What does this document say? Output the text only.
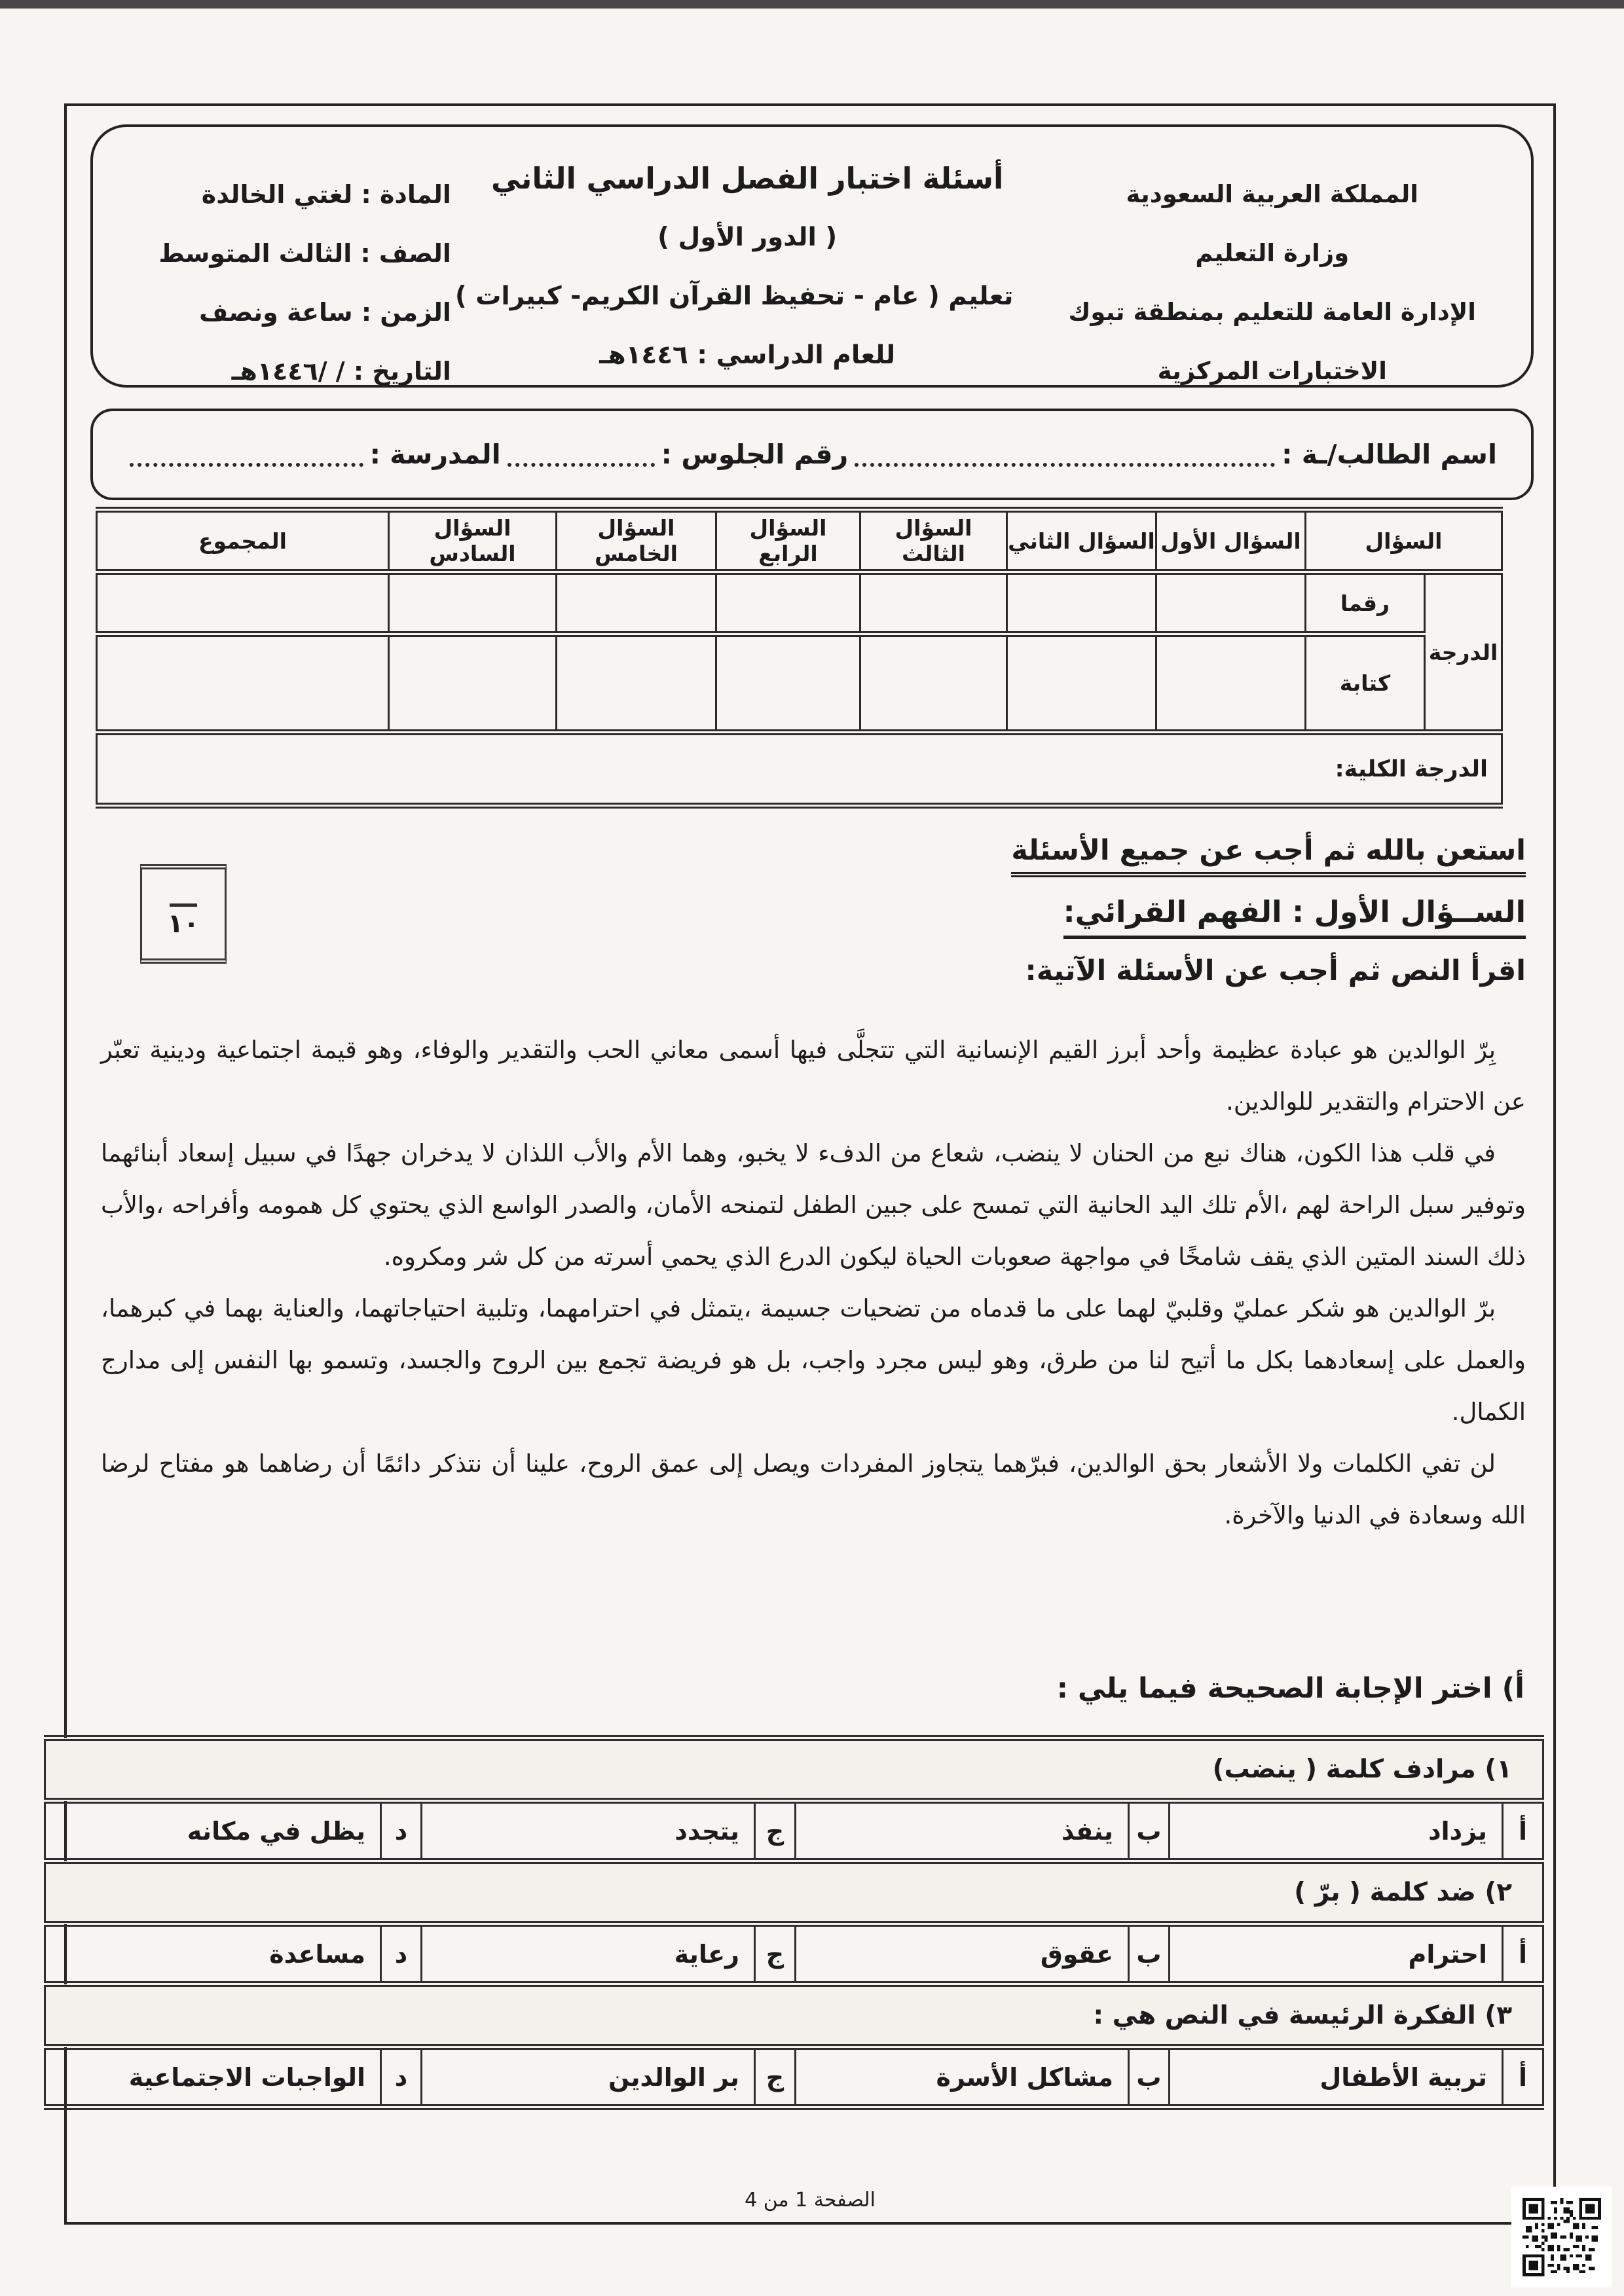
المملكة العربية السعودية
وزارة التعليم
الإدارة العامة للتعليم بمنطقة تبوك
الاختبارات المركزية
أسئلة اختبار الفصل الدراسي الثاني
( الدور الأول )
تعليم ( عام - تحفيظ القرآن الكريم- كبيرات )
للعام الدراسي : ١٤٤٦هـ
المادة : لغتي الخالدة
الصف : الثالث المتوسط
الزمن : ساعة ونصف
التاريخ : / /١٤٤٦هـ
اسم الطالب/ـة :
رقم الجلوس :
المدرسة :
السؤال		السؤال الأول	السؤال الثاني	السؤال الثالث	السؤال الرابع	السؤال الخامس	السؤال السادس	المجموع
الدرجة	رقما							
	كتابة							
الدرجة الكلية:								
استعن بالله ثم أجب عن جميع الأسئلة
١٠	الســؤال الأول : الفهم القرائي:
اقرأ النص ثم أجب عن الأسئلة الآتية:

بِرّ الوالدين هو عبادة عظيمة وأحد أبرز القيم الإنسانية التي تتجلَّى فيها أسمى معاني الحب والتقدير والوفاء، وهو قيمة اجتماعية ودينية تعبّر عن الاحترام والتقدير للوالدين.

في قلب هذا الكون، هناك نبع من الحنان لا ينضب، شعاع من الدفء لا يخبو، وهما الأم والأب اللذان لا يدخران جهدًا في سبيل إسعاد أبنائهما وتوفير سبل الراحة لهم ،الأم تلك اليد الحانية التي تمسح على جبين الطفل لتمنحه الأمان، والصدر الواسع الذي يحتوي كل همومه وأفراحه ،والأب ذلك السند المتين الذي يقف شامخًا في مواجهة صعوبات الحياة ليكون الدرع الذي يحمي أسرته من كل شر ومكروه.

برّ الوالدين هو شكر عمليّ وقلبيّ لهما على ما قدماه من تضحيات جسيمة ،يتمثل في احترامهما، وتلبية احتياجاتهما، والعناية بهما في كبرهما، والعمل على إسعادهما بكل ما أتيح لنا من طرق، وهو ليس مجرد واجب، بل هو فريضة تجمع بين الروح والجسد، وتسمو بها النفس إلى مدارج الكمال.

لن تفي الكلمات ولا الأشعار بحق الوالدين، فبرّهما يتجاوز المفردات ويصل إلى عمق الروح، علينا أن نتذكر دائمًا أن رضاهما هو مفتاح لرضا الله وسعادة في الدنيا والآخرة.

أ) اختر الإجابة الصحيحة فيما يلي :
١) مرادف كلمة ( ينضب)							
أ	يزداد	ب	ينفذ	ج	يتجدد	د	يظل في مكانه
٢) ضد كلمة ( برّ )							
أ	احترام	ب	عقوق	ج	رعاية	د	مساعدة
٣) الفكرة الرئيسة في النص هي :							
أ	تربية الأطفال	ب	مشاكل الأسرة	ج	بر الوالدين	د	الواجبات الاجتماعية
الصفحة 1 من 4
